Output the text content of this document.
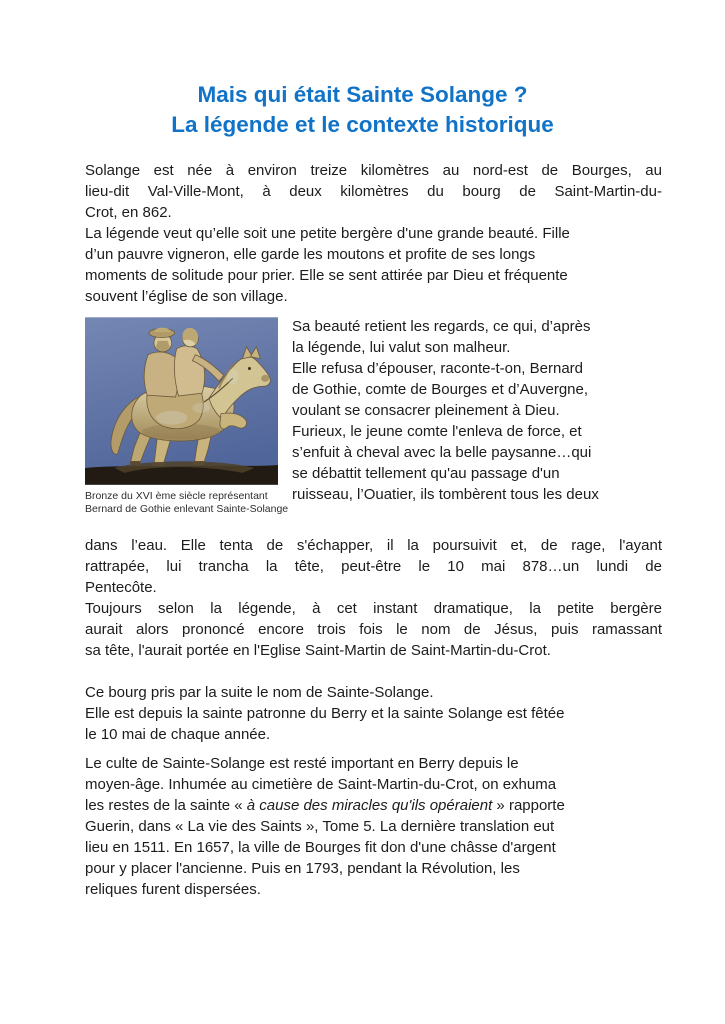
Mais qui était Sainte Solange ?
La légende et le contexte historique
Solange est née à environ treize kilomètres au nord-est de Bourges, au
lieu-dit Val-Ville-Mont, à deux kilomètres du bourg de Saint-Martin-du-
Crot, en 862.
La légende veut qu’elle soit une petite bergère d'une grande beauté. Fille
d’un pauvre vigneron, elle garde les moutons et profite de ses longs
moments de solitude pour prier. Elle se sent attirée par Dieu et fréquente
souvent l’église de son village.
Bronze du XVI ème siècle représentant
Bernard de Gothie enlevant Sainte-Solange
Sa beauté retient les regards, ce qui, d’après
la légende, lui valut son malheur.
Elle refusa d’épouser, raconte-t-on, Bernard
de Gothie, comte de Bourges et d’Auvergne,
voulant se consacrer pleinement à Dieu.
Furieux, le jeune comte l'enleva de force, et
s’enfuit à cheval avec la belle paysanne…qui
se débattit tellement qu'au passage d'un
ruisseau, l’Ouatier, ils tombèrent tous les deux
dans l’eau. Elle tenta de s'échapper, il la poursuivit et, de rage, l'ayant
rattrapée, lui trancha la tête, peut-être le 10 mai 878…un lundi de
Pentecôte.
Toujours selon la légende, à cet instant dramatique, la petite bergère
aurait alors prononcé encore trois fois le nom de Jésus, puis ramassant
sa tête, l'aurait portée en l'Eglise Saint-Martin de Saint-Martin-du-Crot.
Ce bourg pris par la suite le nom de Sainte-Solange.
Elle est depuis la sainte patronne du Berry et la sainte Solange est fêtée
le 10 mai de chaque année.
Le culte de Sainte-Solange est resté important en Berry depuis le
moyen-âge. Inhumée au cimetière de Saint-Martin-du-Crot, on exhuma
les restes de la sainte « à cause des miracles qu'ils opéraient » rapporte
Guerin, dans « La vie des Saints », Tome 5. La dernière translation eut
lieu en 1511. En 1657, la ville de Bourges fit don d'une châsse d'argent
pour y placer l'ancienne. Puis en 1793, pendant la Révolution, les
reliques furent dispersées.
